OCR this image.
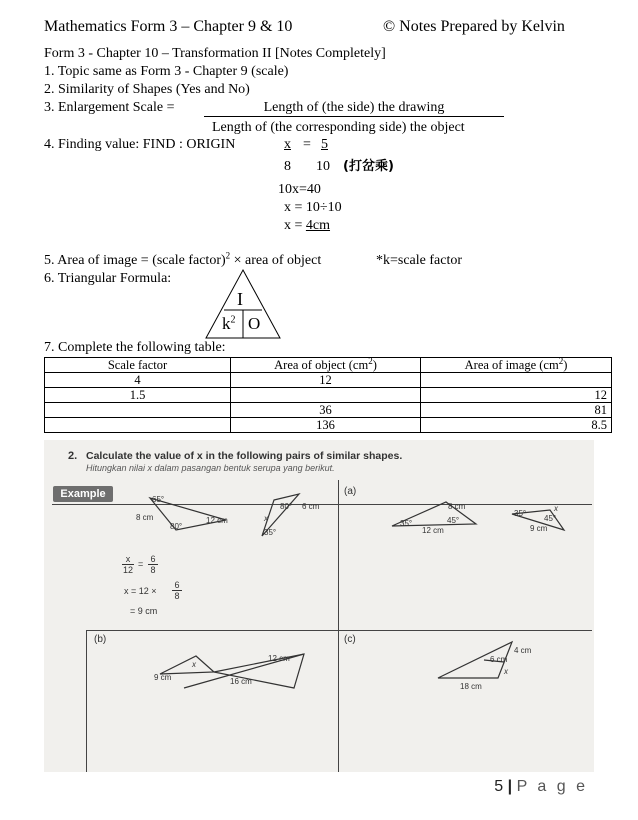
Mathematics Form 3 – Chapter 9 & 10	© Notes Prepared by Kelvin
Form 3 - Chapter 10 – Transformation II [Notes Completely]
1. Topic same as Form 3 - Chapter 9 (scale)
2. Similarity of Shapes (Yes and No)
3. Enlargement Scale =	Length of (the side) the drawing
Length of (the corresponding side) the object
4. Finding value: FIND : ORIGIN	x = 5
8 10 (打岔乘)
10x=40
x = 10÷10
x = 4cm
5. Area of image = (scale factor)$^2$ × area of object	*k=scale factor
6. Triangular Formula:
I
$k^2$ O
7. Complete the following table:
Scale factor	Area of object $(cm^2)$	Area of image $(cm^2)$
4	12	
1.5		12
	36	81
	136	8.5
2. Calculate the value of x in the following pairs of similar shapes.
Hitungkan nilai x dalam pasangan bentuk serupa yang berikut.
Example	(a)
(b)	(c)
65°
8 cm	12 cm
80°
80° 6 cm
x
35°
$\frac{x}{12} = 6$
8
$x = 12 \times \frac{6}{8}$
= 9 cm
8 cm
35°	45°
12 cm
35°
45°
x
9 cm
12 cm
9 cm	16 cm
x
4 cm
6 cm
x
18 cm
5 | P a g e
